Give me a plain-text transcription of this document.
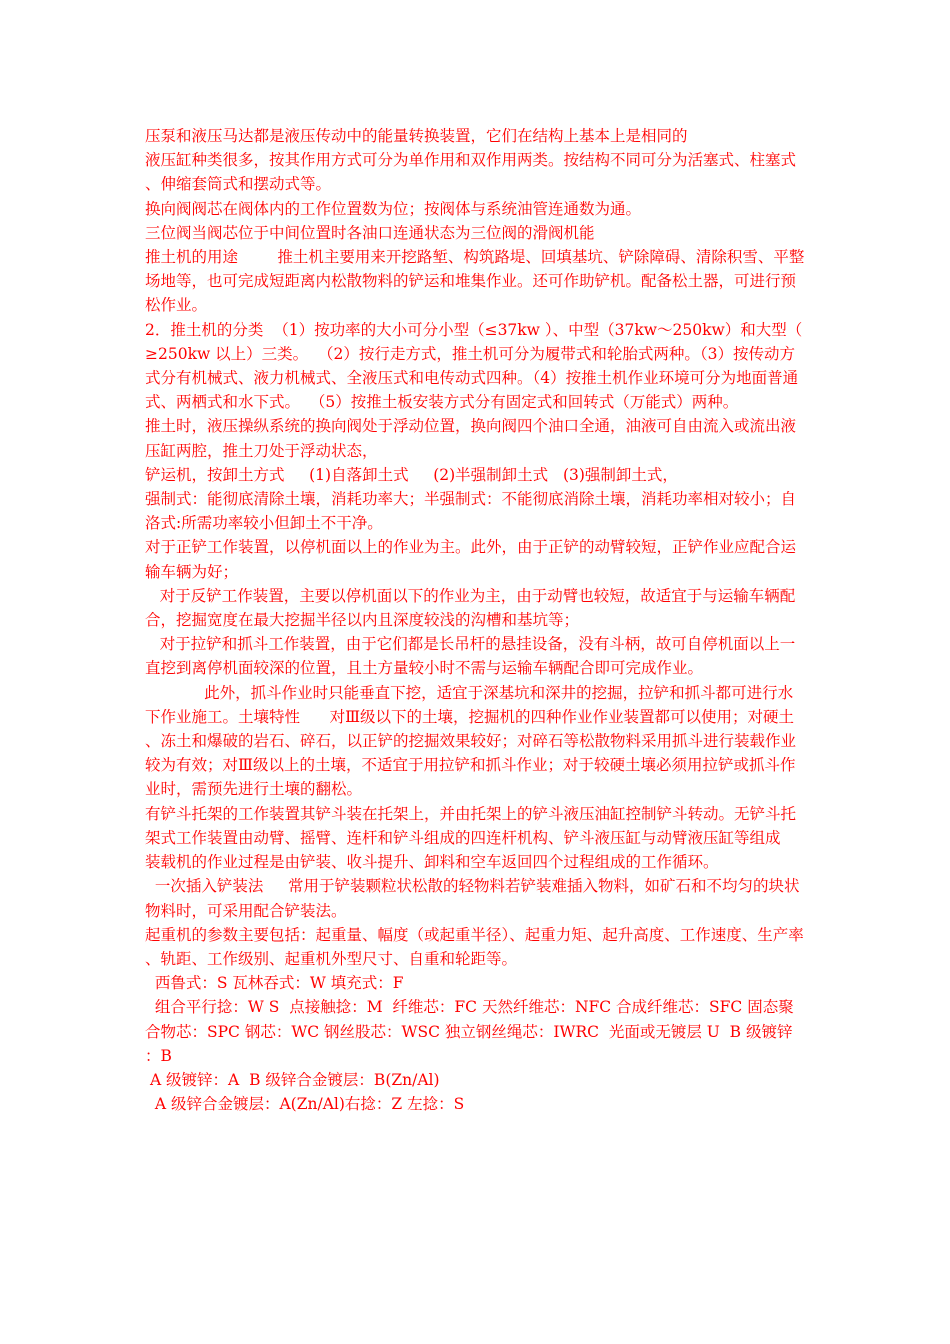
压泵和液压马达都是液压传动中的能量转换装置，它们在结构上基本上是相同的

液压缸种类很多，按其作用方式可分为单作用和双作用两类。按结构不同可分为活塞式、柱塞式、伸缩套筒式和摆动式等。

换向阀阀芯在阀体内的工作位置数为位；按阀体与系统油管连通数为通。

三位阀当阀芯位于中间位置时各油口连通状态为三位阀的滑阀机能

推土机的用途        推土机主要用来开挖路堑、构筑路堤、回填基坑、铲除障碍、清除积雪、平整场地等，也可完成短距离内松散物料的铲运和堆集作业。还可作助铲机。配备松土器，可进行预松作业。

2．推土机的分类  （1）按功率的大小可分小型（≤37kw ）、中型（37kw～250kw）和大型（≥250kw 以上）三类。  （2）按行走方式，推土机可分为履带式和轮胎式两种。（3）按传动方式分有机械式、液力机械式、全液压式和电传动式四种。（4）按推土机作业环境可分为地面普通式、两栖式和水下式。  （5）按推土板安装方式分有固定式和回转式（万能式）两种。

推土时，液压操纵系统的换向阀处于浮动位置，换向阀四个油口全通，油液可自由流入或流出液压缸两腔，推土刀处于浮动状态，

铲运机，按卸土方式     (1)自落卸土式     (2)半强制卸土式   (3)强制卸土式，

强制式：能彻底清除土壤，消耗功率大；半强制式：不能彻底消除土壤，消耗功率相对较小；自洛式:所需功率较小但卸土不干净。

对于正铲工作装置，以停机面以上的作业为主。此外，由于正铲的动臂较短，正铲作业应配合运输车辆为好；

对于反铲工作装置，主要以停机面以下的作业为主，由于动臂也较短，故适宜于与运输车辆配合，挖掘宽度在最大挖掘半径以内且深度较浅的沟槽和基坑等；

对于拉铲和抓斗工作装置，由于它们都是长吊杆的悬挂设备，没有斗柄，故可自停机面以上一直挖到离停机面较深的位置，且土方量较小时不需与运输车辆配合即可完成作业。

此外，抓斗作业时只能垂直下挖，适宜于深基坑和深井的挖掘，拉铲和抓斗都可进行水下作业施工。土壤特性      对Ⅲ级以下的土壤，挖掘机的四种作业作业装置都可以使用；对硬土、冻土和爆破的岩石、碎石，以正铲的挖掘效果较好；对碎石等松散物料采用抓斗进行装载作业较为有效；对Ⅲ级以上的土壤，不适宜于用拉铲和抓斗作业；对于较硬土壤必须用拉铲或抓斗作业时，需预先进行土壤的翻松。

有铲斗托架的工作装置其铲斗装在托架上，并由托架上的铲斗液压油缸控制铲斗转动。无铲斗托架式工作装置由动臂、摇臂、连杆和铲斗组成的四连杆机构、铲斗液压缸与动臂液压缸等组成

装载机的作业过程是由铲装、收斗提升、卸料和空车返回四个过程组成的工作循环。

一次插入铲装法     常用于铲装颗粒状松散的轻物料若铲装难插入物料，如矿石和不均匀的块状物料时，可采用配合铲装法。

起重机的参数主要包括：起重量、幅度（或起重半径）、起重力矩、起升高度、工作速度、生产率、轨距、工作级别、起重机外型尺寸、自重和轮距等。

西鲁式：S 瓦林吞式：W 填充式：F

组合平行捻：W S  点接触捻：M  纤维芯：FC 天然纤维芯：NFC 合成纤维芯：SFC 固态聚合物芯：SPC 钢芯：WC 钢丝股芯：WSC 独立钢丝绳芯：IWRC  光面或无镀层 U  B 级镀锌：B

A 级镀锌：A  B 级锌合金镀层：B(Zn/Al)

A 级锌合金镀层：A(Zn/Al)右捻：Z 左捻：S
